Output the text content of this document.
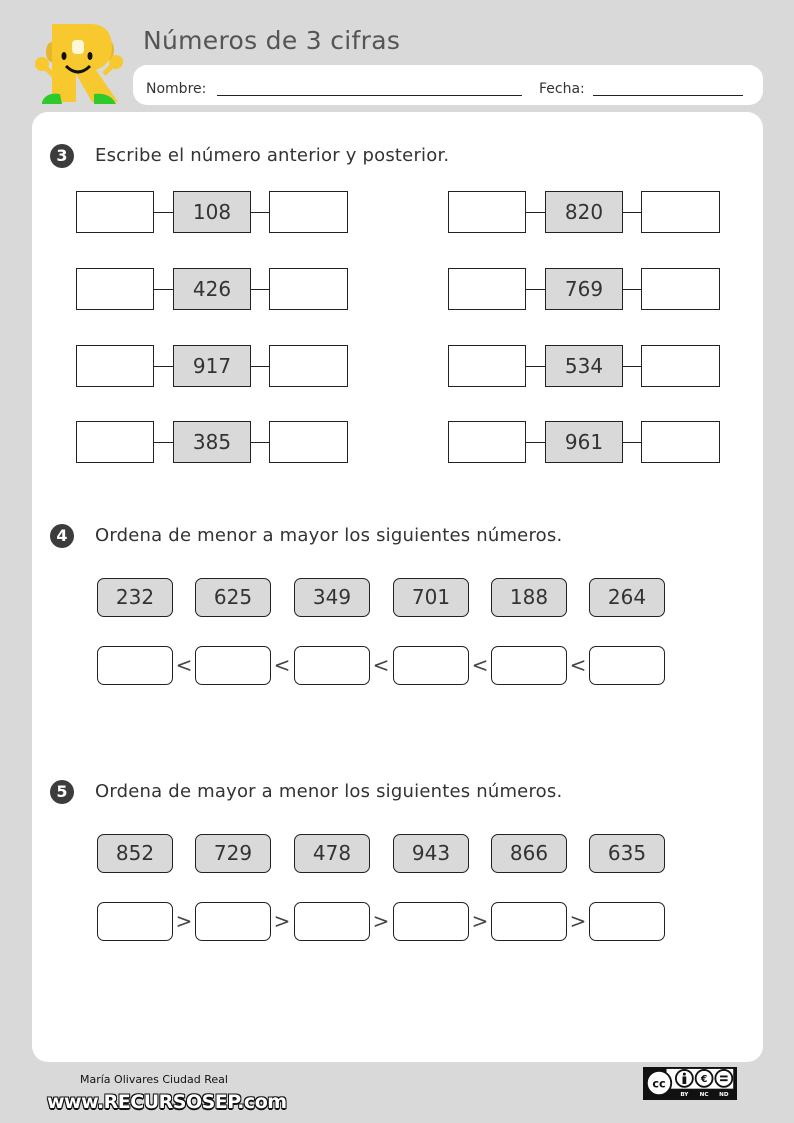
Números de 3 cifras
Nombre:	Fecha:
3	Escribe el número anterior y posterior.
108
426
917
385
820
769
534
961
4	Ordena de menor a mayor los siguientes números.
232
<
625
<
349
<
701
<
188
<
264
5	Ordena de mayor a menor los siguientes números.
852
>
729
>
478
>
943
>
866
>
635
María Olivares Ciudad Real
www.RECURSOSEP.com
cc	€
BY NC ND
